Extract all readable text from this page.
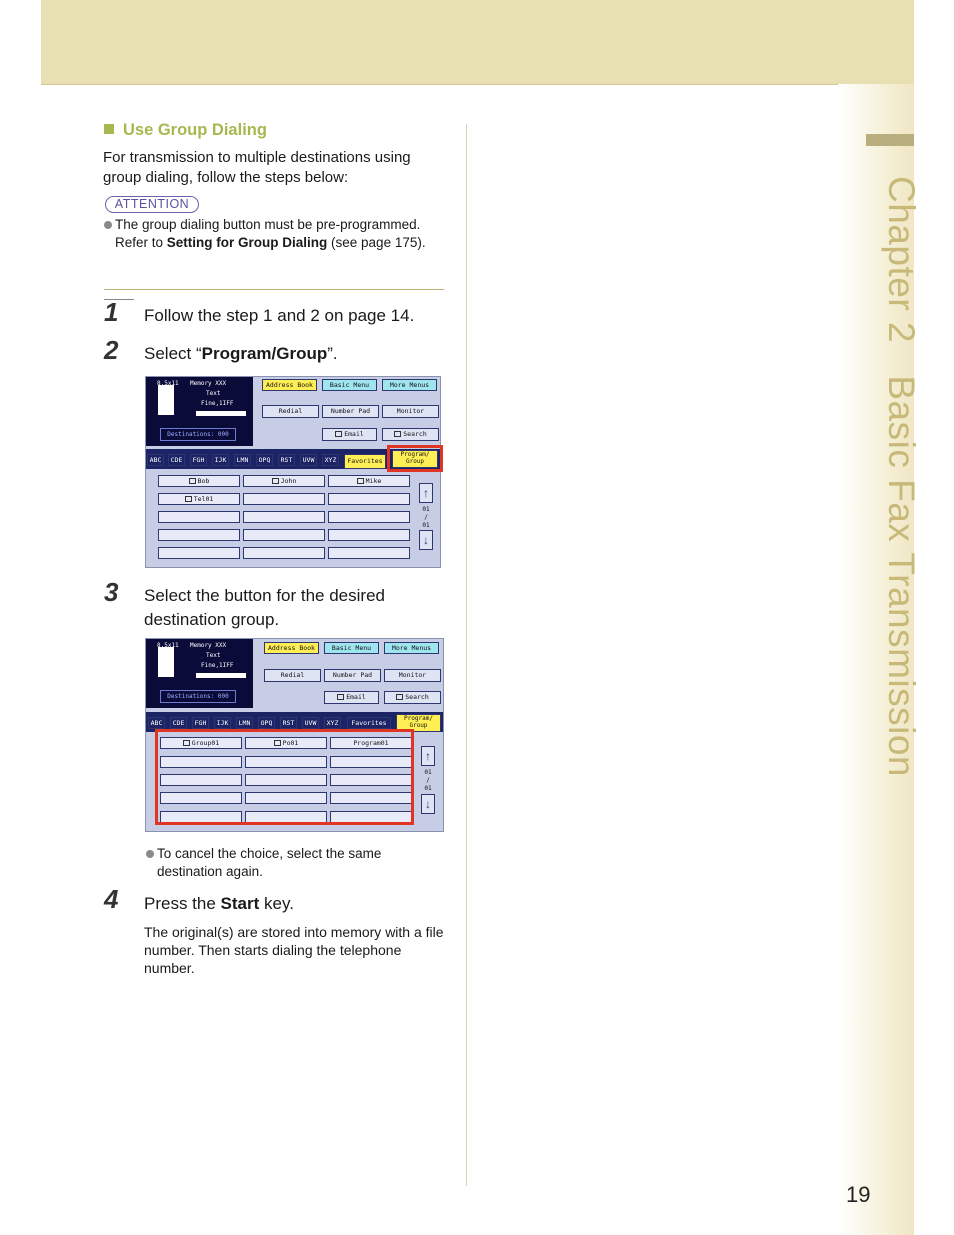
Chapter 2   Basic Fax Transmission
19
Use Group Dialing
For transmission to multiple destinations using group dialing, follow the steps below:
ATTENTION
The group dialing button must be pre-programmed. Refer to Setting for Group Dialing (see page 175).
1 Follow the step 1 and 2 on page 14.
2 Select “Program/Group”.
8.5x11 Memory XXX
Text
Fine,1IFF
Destinations: 000
Address Book	Basic Menu	More Menus
Redial	Number Pad	Monitor
Email	Search
ABC	CDE	FGH	IJK	LMN	OPQ	RST	UVW	XYZ	Favorites
Program/ Group
Bob	John	Mike
Tel01	↑
01
/
01
↓
3 Select the button for the desired destination group.
8.5x11 Memory XXX
Text
Fine,1IFF
Destinations: 000
Address Book	Basic Menu	More Menus
Redial	Number Pad	Monitor
Email	Search
ABC	CDE	FGH	IJK	LMN	OPQ	RST	UVW	XYZ	Favorites
Program/ Group
Group01	Po01	Program01
↑
01
/
01
↓
To cancel the choice, select the same destination again.
4 Press the Start key.
The original(s) are stored into memory with a file number. Then starts dialing the telephone number.
